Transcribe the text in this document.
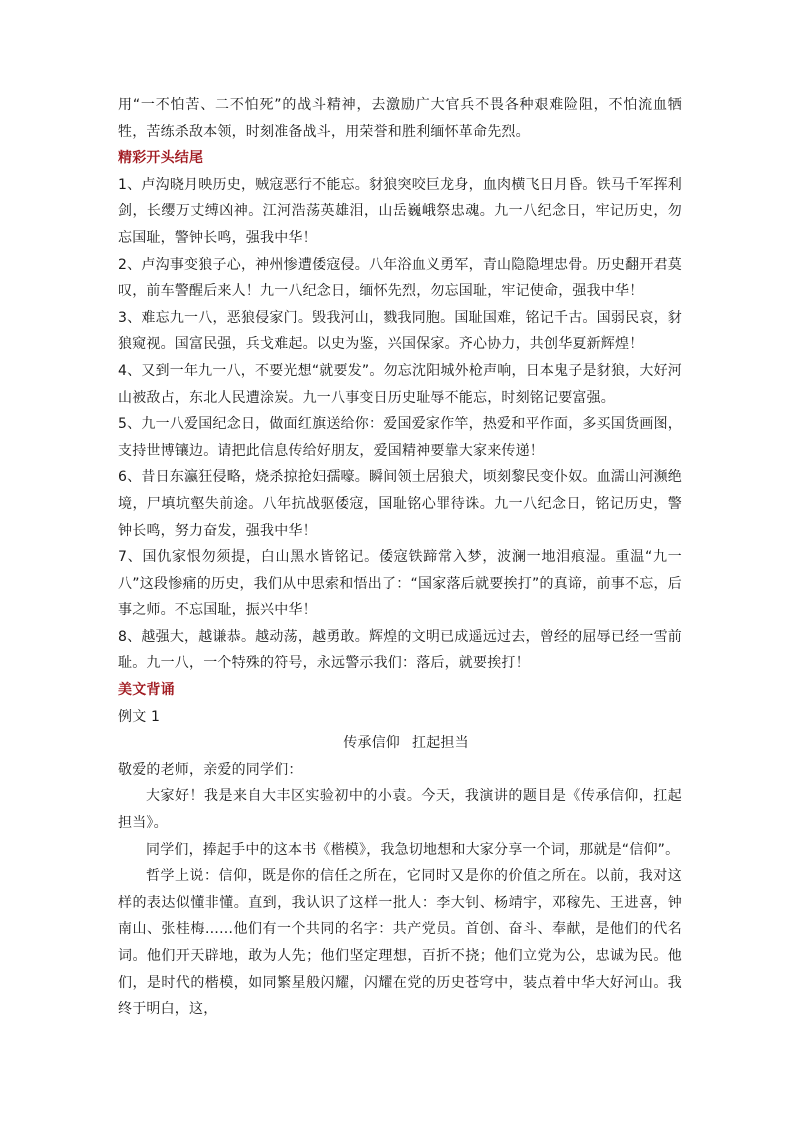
用“一不怕苦、二不怕死”的战斗精神，去激励广大官兵不畏各种艰难险阻，不怕流血牺牲，苦练杀敌本领，时刻准备战斗，用荣誉和胜利缅怀革命先烈。

精彩开头结尾

1、卢沟晓月映历史，贼寇恶行不能忘。豺狼突咬巨龙身，血肉横飞日月昏。铁马千军挥利剑，长缨万丈缚凶神。江河浩荡英雄泪，山岳巍峨祭忠魂。九一八纪念日，牢记历史，勿忘国耻，警钟长鸣，强我中华！

2、卢沟事变狼子心，神州惨遭倭寇侵。八年浴血义勇军，青山隐隐埋忠骨。历史翻开君莫叹，前车警醒后来人！九一八纪念日，缅怀先烈，勿忘国耻，牢记使命，强我中华！

3、难忘九一八，恶狼侵家门。毁我河山，戮我同胞。国耻国难，铭记千古。国弱民哀，豺狼窥视。国富民强，兵戈难起。以史为鉴，兴国保家。齐心协力，共创华夏新辉煌！

4、又到一年九一八，不要光想“就要发”。勿忘沈阳城外枪声响，日本鬼子是豺狼，大好河山被敌占，东北人民遭涂炭。九一八事变日历史耻辱不能忘，时刻铭记要富强。

5、九一八爱国纪念日，做面红旗送给你：爱国爱家作竿，热爱和平作面，多买国货画图，支持世博镶边。请把此信息传给好朋友，爱国精神要靠大家来传递！

6、昔日东瀛狂侵略，烧杀掠抢妇孺嚎。瞬间领土居狼犬，顷刻黎民变仆奴。血濡山河濒绝境，尸填坑壑失前途。八年抗战驱倭寇，国耻铭心罪待诛。九一八纪念日，铭记历史，警钟长鸣，努力奋发，强我中华！

7、国仇家恨勿须提，白山黑水皆铭记。倭寇铁蹄常入梦，波澜一地泪痕湿。重温“九一八”这段惨痛的历史，我们从中思索和悟出了：“国家落后就要挨打”的真谛，前事不忘，后事之师。不忘国耻，振兴中华！

8、越强大，越谦恭。越动荡，越勇敢。辉煌的文明已成遥远过去，曾经的屈辱已经一雪前耻。九一八，一个特殊的符号，永远警示我们：落后，就要挨打！

美文背诵

例文 1

传承信仰 扛起担当

敬爱的老师，亲爱的同学们：

大家好！我是来自大丰区实验初中的小袁。今天，我演讲的题目是《传承信仰，扛起担当》。

同学们，捧起手中的这本书《楷模》，我急切地想和大家分享一个词，那就是“信仰”。

哲学上说：信仰，既是你的信任之所在，它同时又是你的价值之所在。以前，我对这样的表达似懂非懂。直到，我认识了这样一批人：李大钊、杨靖宇，邓稼先、王进喜，钟南山、张桂梅……他们有一个共同的名字：共产党员。首创、奋斗、奉献，是他们的代名词。他们开天辟地，敢为人先；他们坚定理想，百折不挠；他们立党为公，忠诚为民。他们，是时代的楷模，如同繁星般闪耀，闪耀在党的历史苍穹中，装点着中华大好河山。我终于明白，这，
